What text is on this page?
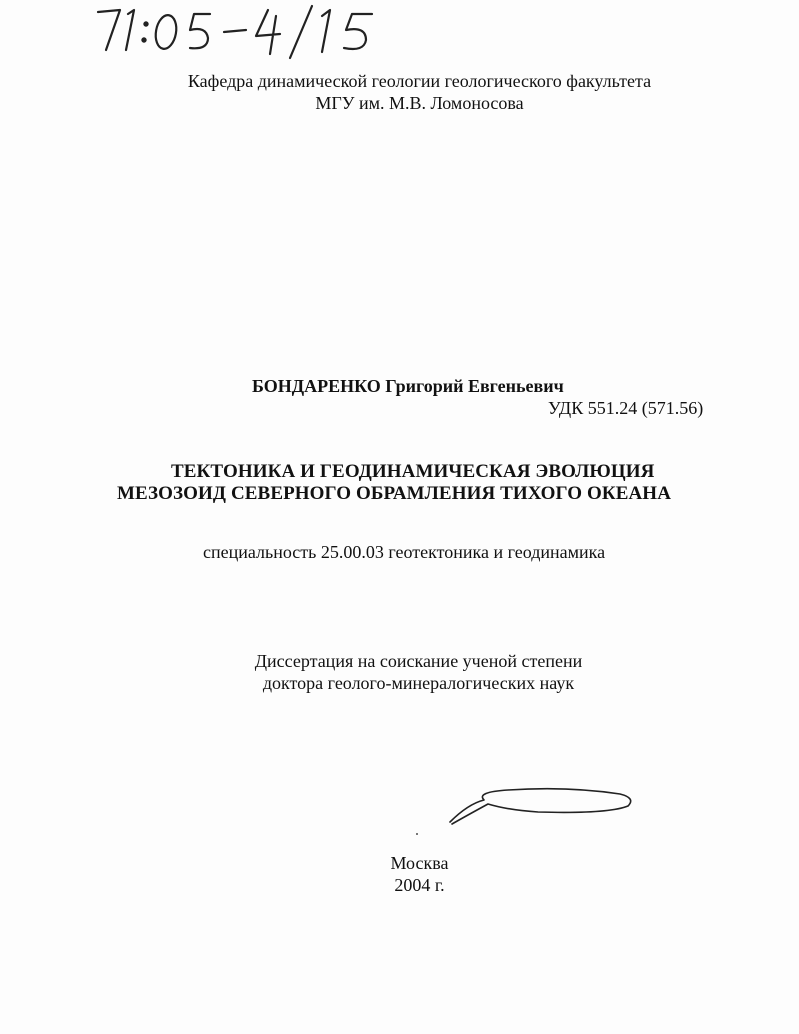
Кафедра динамической геологии геологического факультета
МГУ им. М.В. Ломоносова
БОНДАРЕНКО Григорий Евгеньевич
УДК 551.24 (571.56)
ТЕКТОНИКА И ГЕОДИНАМИЧЕСКАЯ ЭВОЛЮЦИЯ
МЕЗОЗОИД СЕВЕРНОГО ОБРАМЛЕНИЯ ТИХОГО ОКЕАНА
специальность 25.00.03 геотектоника и геодинамика
Диссертация на соискание ученой степени
доктора геолого-минералогических наук
Москва
2004 г.
